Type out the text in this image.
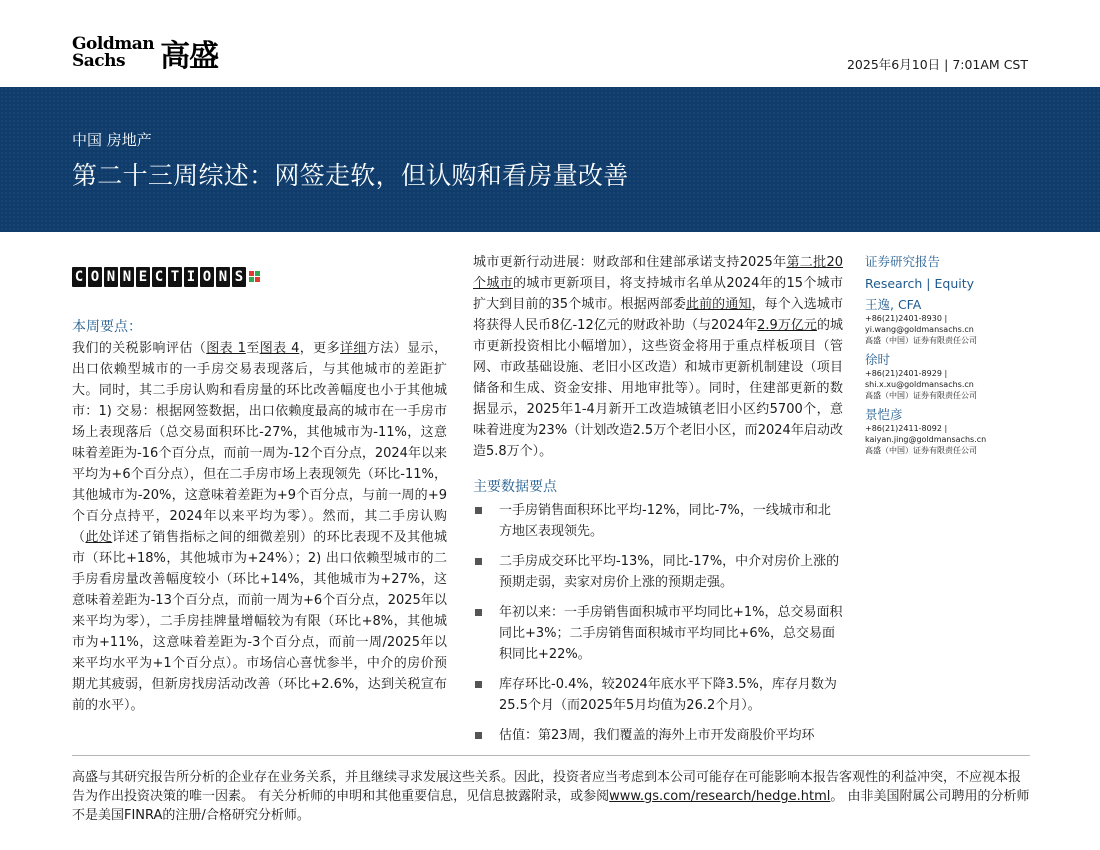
Goldman
Sachs	高盛	2025年6月10日 | 7:01AM CST
中国 房地产
第二十三周综述：网签走软，但认购和看房量改善
C O N N E C T I O N S
本周要点：

我们的关税影响评估（图表 1至图表 4，更多详细方法）显示，出口依赖型城市的一手房交易表现落后，与其他城市的差距扩大。同时，其二手房认购和看房量的环比改善幅度也小于其他城市：1) 交易：根据网签数据，出口依赖度最高的城市在一手房市场上表现落后（总交易面积环比-27%，其他城市为-11%，这意味着差距为-16个百分点，而前一周为-12个百分点，2024年以来平均为+6个百分点），但在二手房市场上表现领先（环比-11%，其他城市为-20%，这意味着差距为+9个百分点，与前一周的+9个百分点持平，2024年以来平均为零）。然而，其二手房认购（此处详述了销售指标之间的细微差别）的环比表现不及其他城市（环比+18%，其他城市为+24%）；2) 出口依赖型城市的二手房看房量改善幅度较小（环比+14%，其他城市为+27%，这意味着差距为-13个百分点，而前一周为+6个百分点，2025年以来平均为零），二手房挂牌量增幅较为有限（环比+8%，其他城市为+11%，这意味着差距为-3个百分点，而前一周/2025年以来平均水平为+1个百分点）。市场信心喜忧参半，中介的房价预期尤其疲弱，但新房找房活动改善（环比+2.6%，达到关税宣布前的水平）。

城市更新行动进展：财政部和住建部承诺支持2025年第二批20个城市的城市更新项目，将支持城市名单从2024年的15个城市扩大到目前的35个城市。根据两部委此前的通知，每个入选城市将获得人民币8亿-12亿元的财政补助（与2024年2.9万亿元的城市更新投资相比小幅增加），这些资金将用于重点样板项目（管网、市政基础设施、老旧小区改造）和城市更新机制建设（项目储备和生成、资金安排、用地审批等）。同时，住建部更新的数据显示，2025年1-4月新开工改造城镇老旧小区约5700个，意味着进度为23%（计划改造2.5万个老旧小区，而2024年启动改造5.8万个）。

主要数据要点
一手房销售面积环比平均-12%，同比-7%，一线城市和北方地区表现领先。
二手房成交环比平均-13%，同比-17%，中介对房价上涨的预期走弱，卖家对房价上涨的预期走强。
年初以来：一手房销售面积城市平均同比+1%，总交易面积同比+3%；二手房销售面积城市平均同比+6%，总交易面积同比+22%。
库存环比-0.4%，较2024年底水平下降3.5%，库存月数为25.5个月（而2025年5月均值为26.2个月）。
估值：第23周，我们覆盖的海外上市开发商股价平均环
证券研究报告
Research | Equity
王逸, CFA
+86(21)2401-8930 |
yi.wang@goldmansachs.cn
高盛（中国）证券有限责任公司
徐时
+86(21)2401-8929 |
shi.x.xu@goldmansachs.cn
高盛（中国）证券有限责任公司
景恺彦
+86(21)2411-8092 |
kaiyan.jing@goldmansachs.cn
高盛（中国）证券有限责任公司

高盛与其研究报告所分析的企业存在业务关系，并且继续寻求发展这些关系。因此，投资者应当考虑到本公司可能存在可能影响本报告客观性的利益冲突，不应视本报告为作出投资决策的唯一因素。 有关分析师的申明和其他重要信息，见信息披露附录，或参阅www.gs.com/research/hedge.html。 由非美国附属公司聘用的分析师不是美国FINRA的注册/合格研究分析师。
